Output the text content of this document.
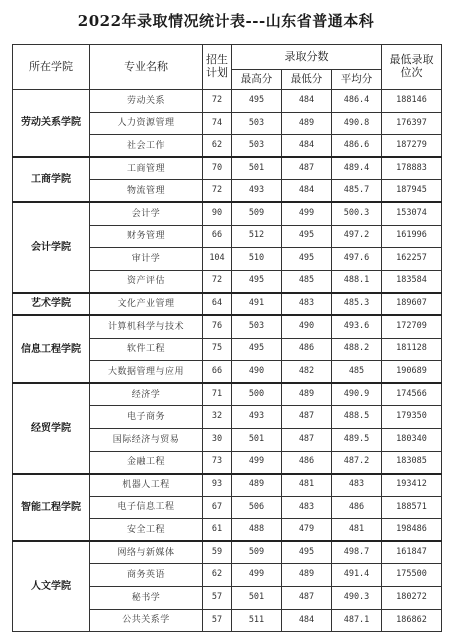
2022年录取情况统计表---山东省普通本科
所在学院	专业名称	招生计划	录取分数			最低录取位次
			最高分	最低分	平均分	
劳动关系学院	劳动关系	72	495	484	486.4	188146
	人力资源管理	74	503	489	490.8	176397
	社会工作	62	503	484	486.6	187279
工商学院	工商管理	70	501	487	489.4	178883
	物流管理	72	493	484	485.7	187945
会计学院	会计学	90	509	499	500.3	153074
	财务管理	66	512	495	497.2	161996
	审计学	104	510	495	497.6	162257
	资产评估	72	495	485	488.1	183584
艺术学院	文化产业管理	64	491	483	485.3	189607
信息工程学院	计算机科学与技术	76	503	490	493.6	172709
	软件工程	75	495	486	488.2	181128
	大数据管理与应用	66	490	482	485	190689
经贸学院	经济学	71	500	489	490.9	174566
	电子商务	32	493	487	488.5	179350
	国际经济与贸易	30	501	487	489.5	180340
	金融工程	73	499	486	487.2	183085
智能工程学院	机器人工程	93	489	481	483	193412
	电子信息工程	67	506	483	486	188571
	安全工程	61	488	479	481	198486
人文学院	网络与新媒体	59	509	495	498.7	161847
	商务英语	62	499	489	491.4	175500
	秘书学	57	501	487	490.3	180272
	公共关系学	57	511	484	487.1	186862
